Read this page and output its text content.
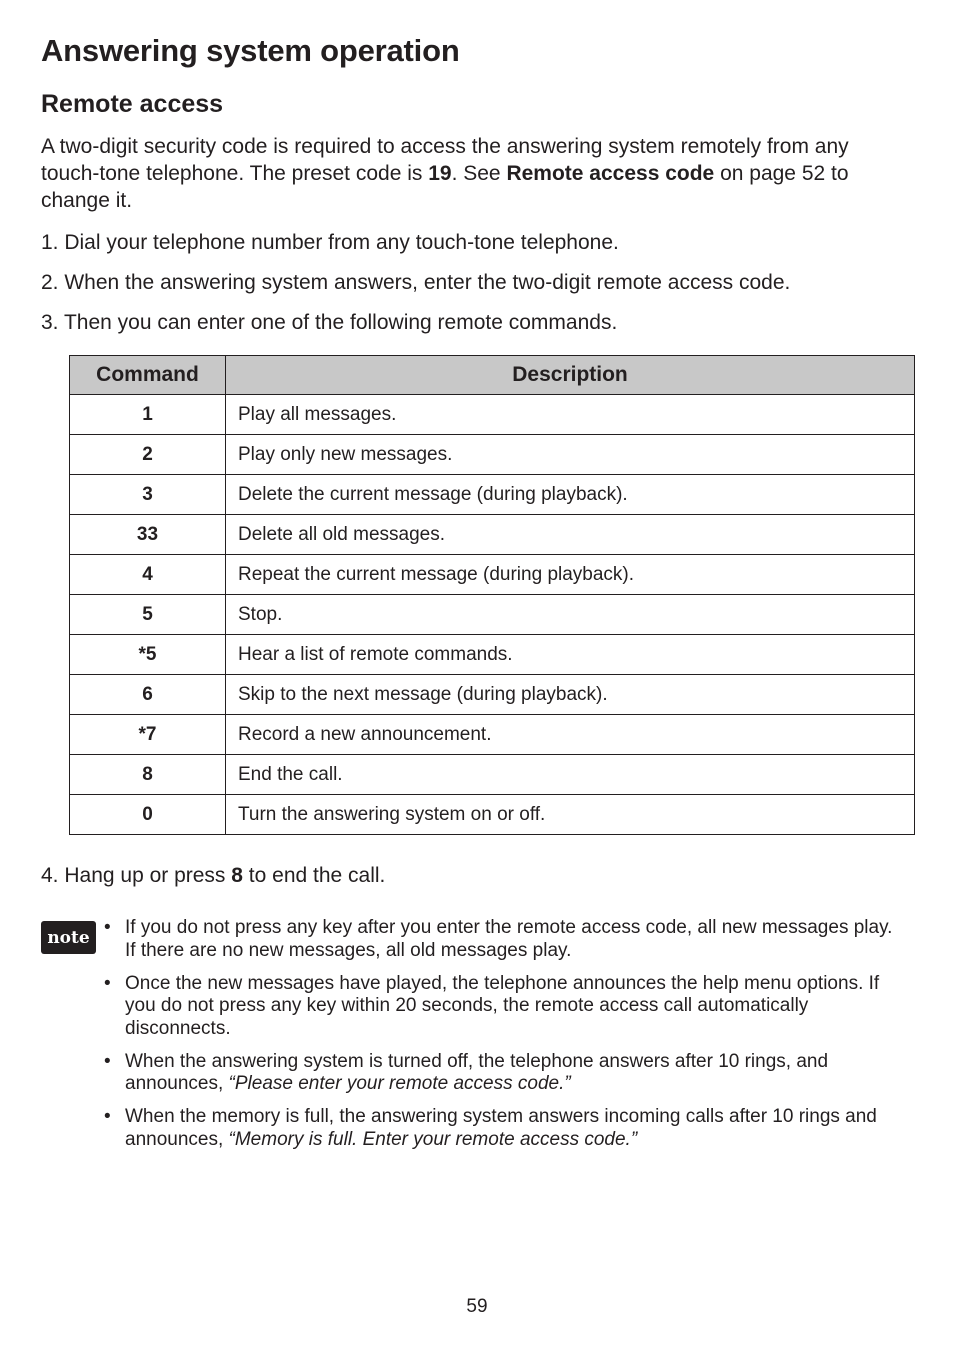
Answering system operation
Remote access

A two-digit security code is required to access the answering system remotely from any touch-tone telephone. The preset code is 19. See Remote access code on page 52 to change it.

1. Dial your telephone number from any touch-tone telephone.

2. When the answering system answers, enter the two-digit remote access code.

3. Then you can enter one of the following remote commands.

Command	Description
1	Play all messages.
2	Play only new messages.
3	Delete the current message (during playback).
33	Delete all old messages.
4	Repeat the current message (during playback).
5	Stop.
*5	Hear a list of remote commands.
6	Skip to the next message (during playback).
*7	Record a new announcement.
8	End the call.
0	Turn the answering system on or off.

4. Hang up or press 8 to end the call.

note • If you do not press any key after you enter the remote access code, all new messages play. If there are no new messages, all old messages play.
• Once the new messages have played, the telephone announces the help menu options. If you do not press any key within 20 seconds, the remote access call automatically disconnects.
• When the answering system is turned off, the telephone answers after 10 rings, and announces, “Please enter your remote access code.”
• When the memory is full, the answering system answers incoming calls after 10 rings and announces, “Memory is full. Enter your remote access code.”
59
